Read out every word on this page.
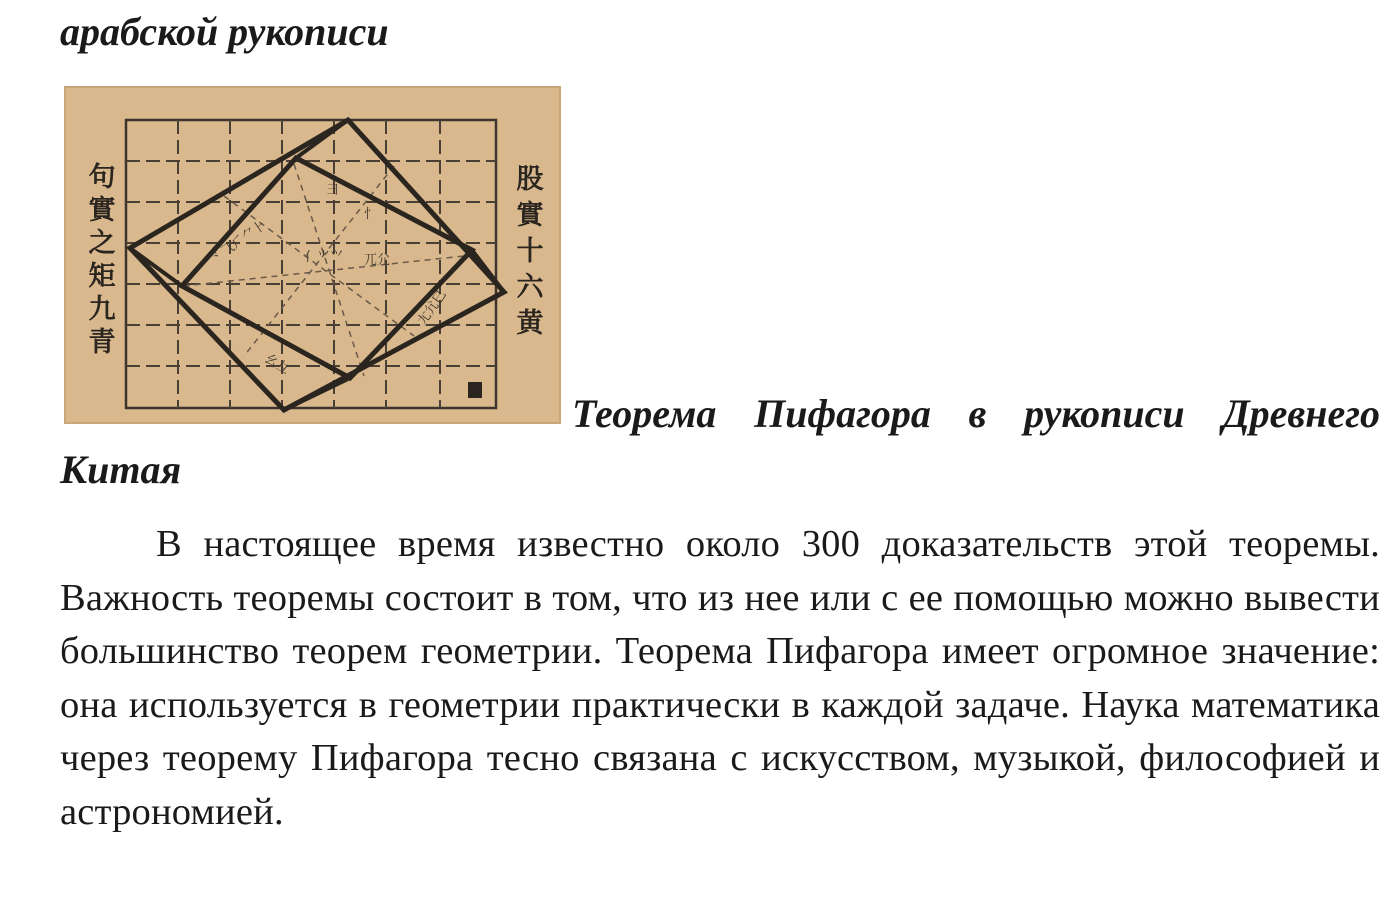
арабской рукописи

⺀⺄⺁⺈⺊	⺅⺌⺍ ⺎⺏
⺐⺑⺒
⺓⺔
⺕
⺖
句
實
之
矩
九
青
股
實
十
六
黄

Теорема Пифагора в рукописи Древнего

Китая

В настоящее время известно около 300 доказательств этой теоремы. Важность теоремы состоит в том, что из нее или с ее помощью можно вывести большинство теорем геометрии. Теорема Пифагора имеет огромное значение: она используется в геометрии практически в каждой задаче. Наука математика через теорему Пифагора тесно связана с искусством, музыкой, философией и астрономией.
